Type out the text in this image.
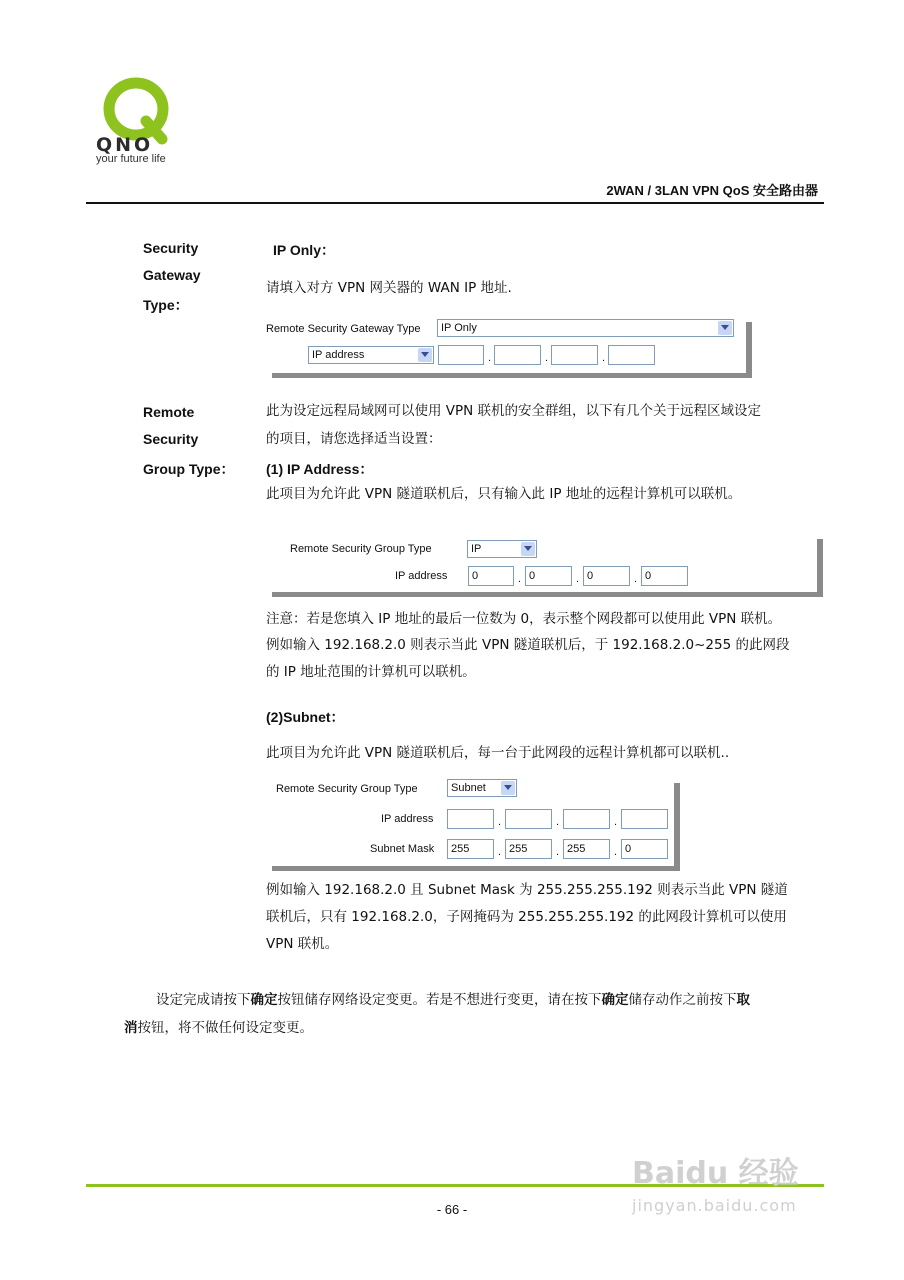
QNO
your future life
2WAN / 3LAN VPN QoS 安全路由器
Security
Gateway
Type：
IP Only：
请填入对方 VPN 网关器的 WAN IP 地址.
Remote Security Gateway Type	IP Only
IP address	.	.	.
Remote
Security
Group Type：
此为设定远程局域网可以使用 VPN 联机的安全群组，以下有几个关于远程区域设定
的项目，请您选择适当设置：
(1) IP Address：
此项目为允许此 VPN 隧道联机后，只有输入此 IP 地址的远程计算机可以联机。
Remote Security Group Type	IP
IP address	0	. 0	. 0	. 0
注意：若是您填入 IP 地址的最后一位数为 0，表示整个网段都可以使用此 VPN 联机。
例如输入 192.168.2.0 则表示当此 VPN 隧道联机后，于 192.168.2.0~255 的此网段
的 IP 地址范围的计算机可以联机。
(2)Subnet：
此项目为允许此 VPN 隧道联机后，每一台于此网段的远程计算机都可以联机..
Remote Security Group Type	Subnet
IP address	.	.	.
Subnet Mask	255	. 255	. 255	. 0
例如输入 192.168.2.0 且 Subnet Mask 为 255.255.255.192 则表示当此 VPN 隧道
联机后，只有 192.168.2.0，子网掩码为 255.255.255.192 的此网段计算机可以使用
VPN 联机。
设定完成请按下确定按钮储存网络设定变更。若是不想进行变更，请在按下确定储存动作之前按下取
消按钮，将不做任何设定变更。
- 66 -
Baidu 经验
jingyan.baidu.com
